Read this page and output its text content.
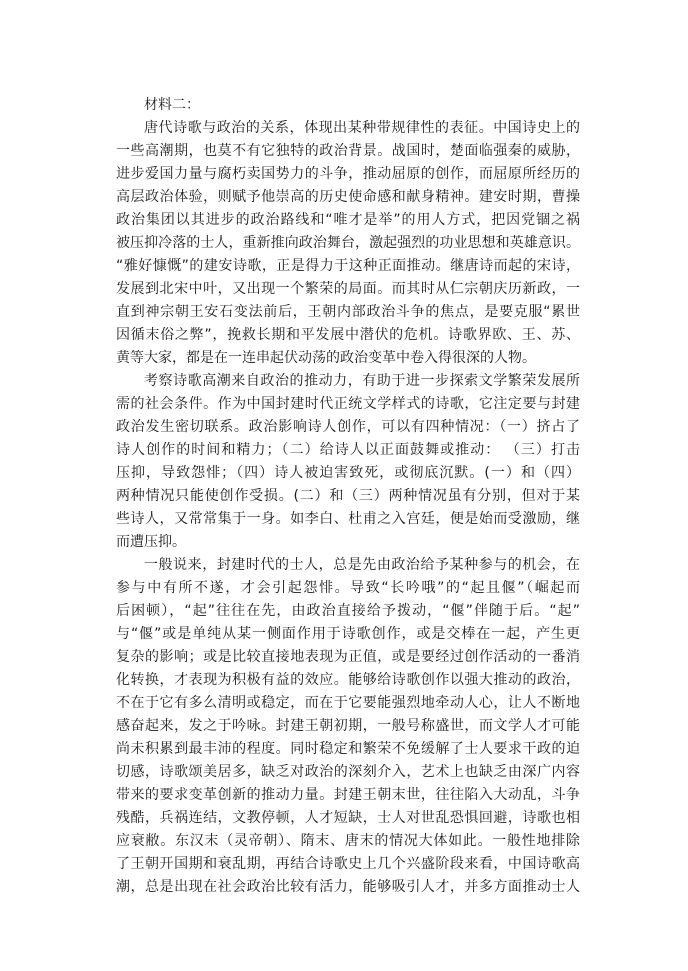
材料二：
唐代诗歌与政治的关系，体现出某种带规律性的表征。中国诗史上的
一些高潮期，也莫不有它独特的政治背景。战国时，楚面临强秦的威胁，
进步爱国力量与腐朽卖国势力的斗争，推动屈原的创作，而屈原所经历的
高层政治体验，则赋予他崇高的历史使命感和献身精神。建安时期，曹操
政治集团以其进步的政治路线和“唯才是举”的用人方式，把因党锢之祸
被压抑冷落的士人，重新推向政治舞台，激起强烈的功业思想和英雄意识。
“雅好慷慨”的建安诗歌，正是得力于这种正面推动。继唐诗而起的宋诗，
发展到北宋中叶，又出现一个繁荣的局面。而其时从仁宗朝庆历新政，一
直到神宗朝王安石变法前后，王朝内部政治斗争的焦点，是要克服“累世
因循末俗之弊”，挽救长期和平发展中潜伏的危机。诗歌界欧、王、苏、
黄等大家，都是在一连串起伏动荡的政治变革中卷入得很深的人物。
考察诗歌高潮来自政治的推动力，有助于进一步探索文学繁荣发展所
需的社会条件。作为中国封建时代正统文学样式的诗歌，它注定要与封建
政治发生密切联系。政治影响诗人创作，可以有四种情况：（一）挤占了
诗人创作的时间和精力；（二）给诗人以正面鼓舞或推动： （三）打击
压抑，导致怨悱；（四）诗人被迫害致死，或彻底沉默。(一）和（四）
两种情况只能使创作受损。(二）和（三）两种情况虽有分别，但对于某
些诗人，又常常集于一身。如李白、杜甫之入宫廷，便是始而受激励，继
而遭压抑。
一般说来，封建时代的士人，总是先由政治给予某种参与的机会，在
参与中有所不遂，才会引起怨悱。导致“长吟哦”的“起且偃”（崛起而
后困顿），“起”往往在先，由政治直接给予拨动，“偃”伴随于后。“起”
与“偃”或是单纯从某一侧面作用于诗歌创作，或是交棒在一起，产生更
复杂的影响；或是比较直接地表现为正值，或是要经过创作活动的一番消
化转换，才表现为积极有益的效应。能够给诗歌创作以强大推动的政治，
不在于它有多么清明或稳定，而在于它要能强烈地牵动人心，让人不断地
感奋起来，发之于吟咏。封建王朝初期，一般号称盛世，而文学人才可能
尚未积累到最丰沛的程度。同时稳定和繁荣不免缓解了士人要求干政的迫
切感，诗歌颂美居多，缺乏对政治的深刻介入，艺术上也缺乏由深广内容
带来的要求变革创新的推动力量。封建王朝末世，往往陷入大动乱，斗争
残酷，兵祸连结，文教停顿，人才短缺，士人对世乱恐惧回避，诗歌也相
应衰敝。东汉末（灵帝朝）、隋末、唐末的情况大体如此。一般性地排除
了王朝开国期和衰乱期，再结合诗歌史上几个兴盛阶段来看，中国诗歌高
潮，总是出现在社会政治比较有活力，能够吸引人才，并多方面推动士人
